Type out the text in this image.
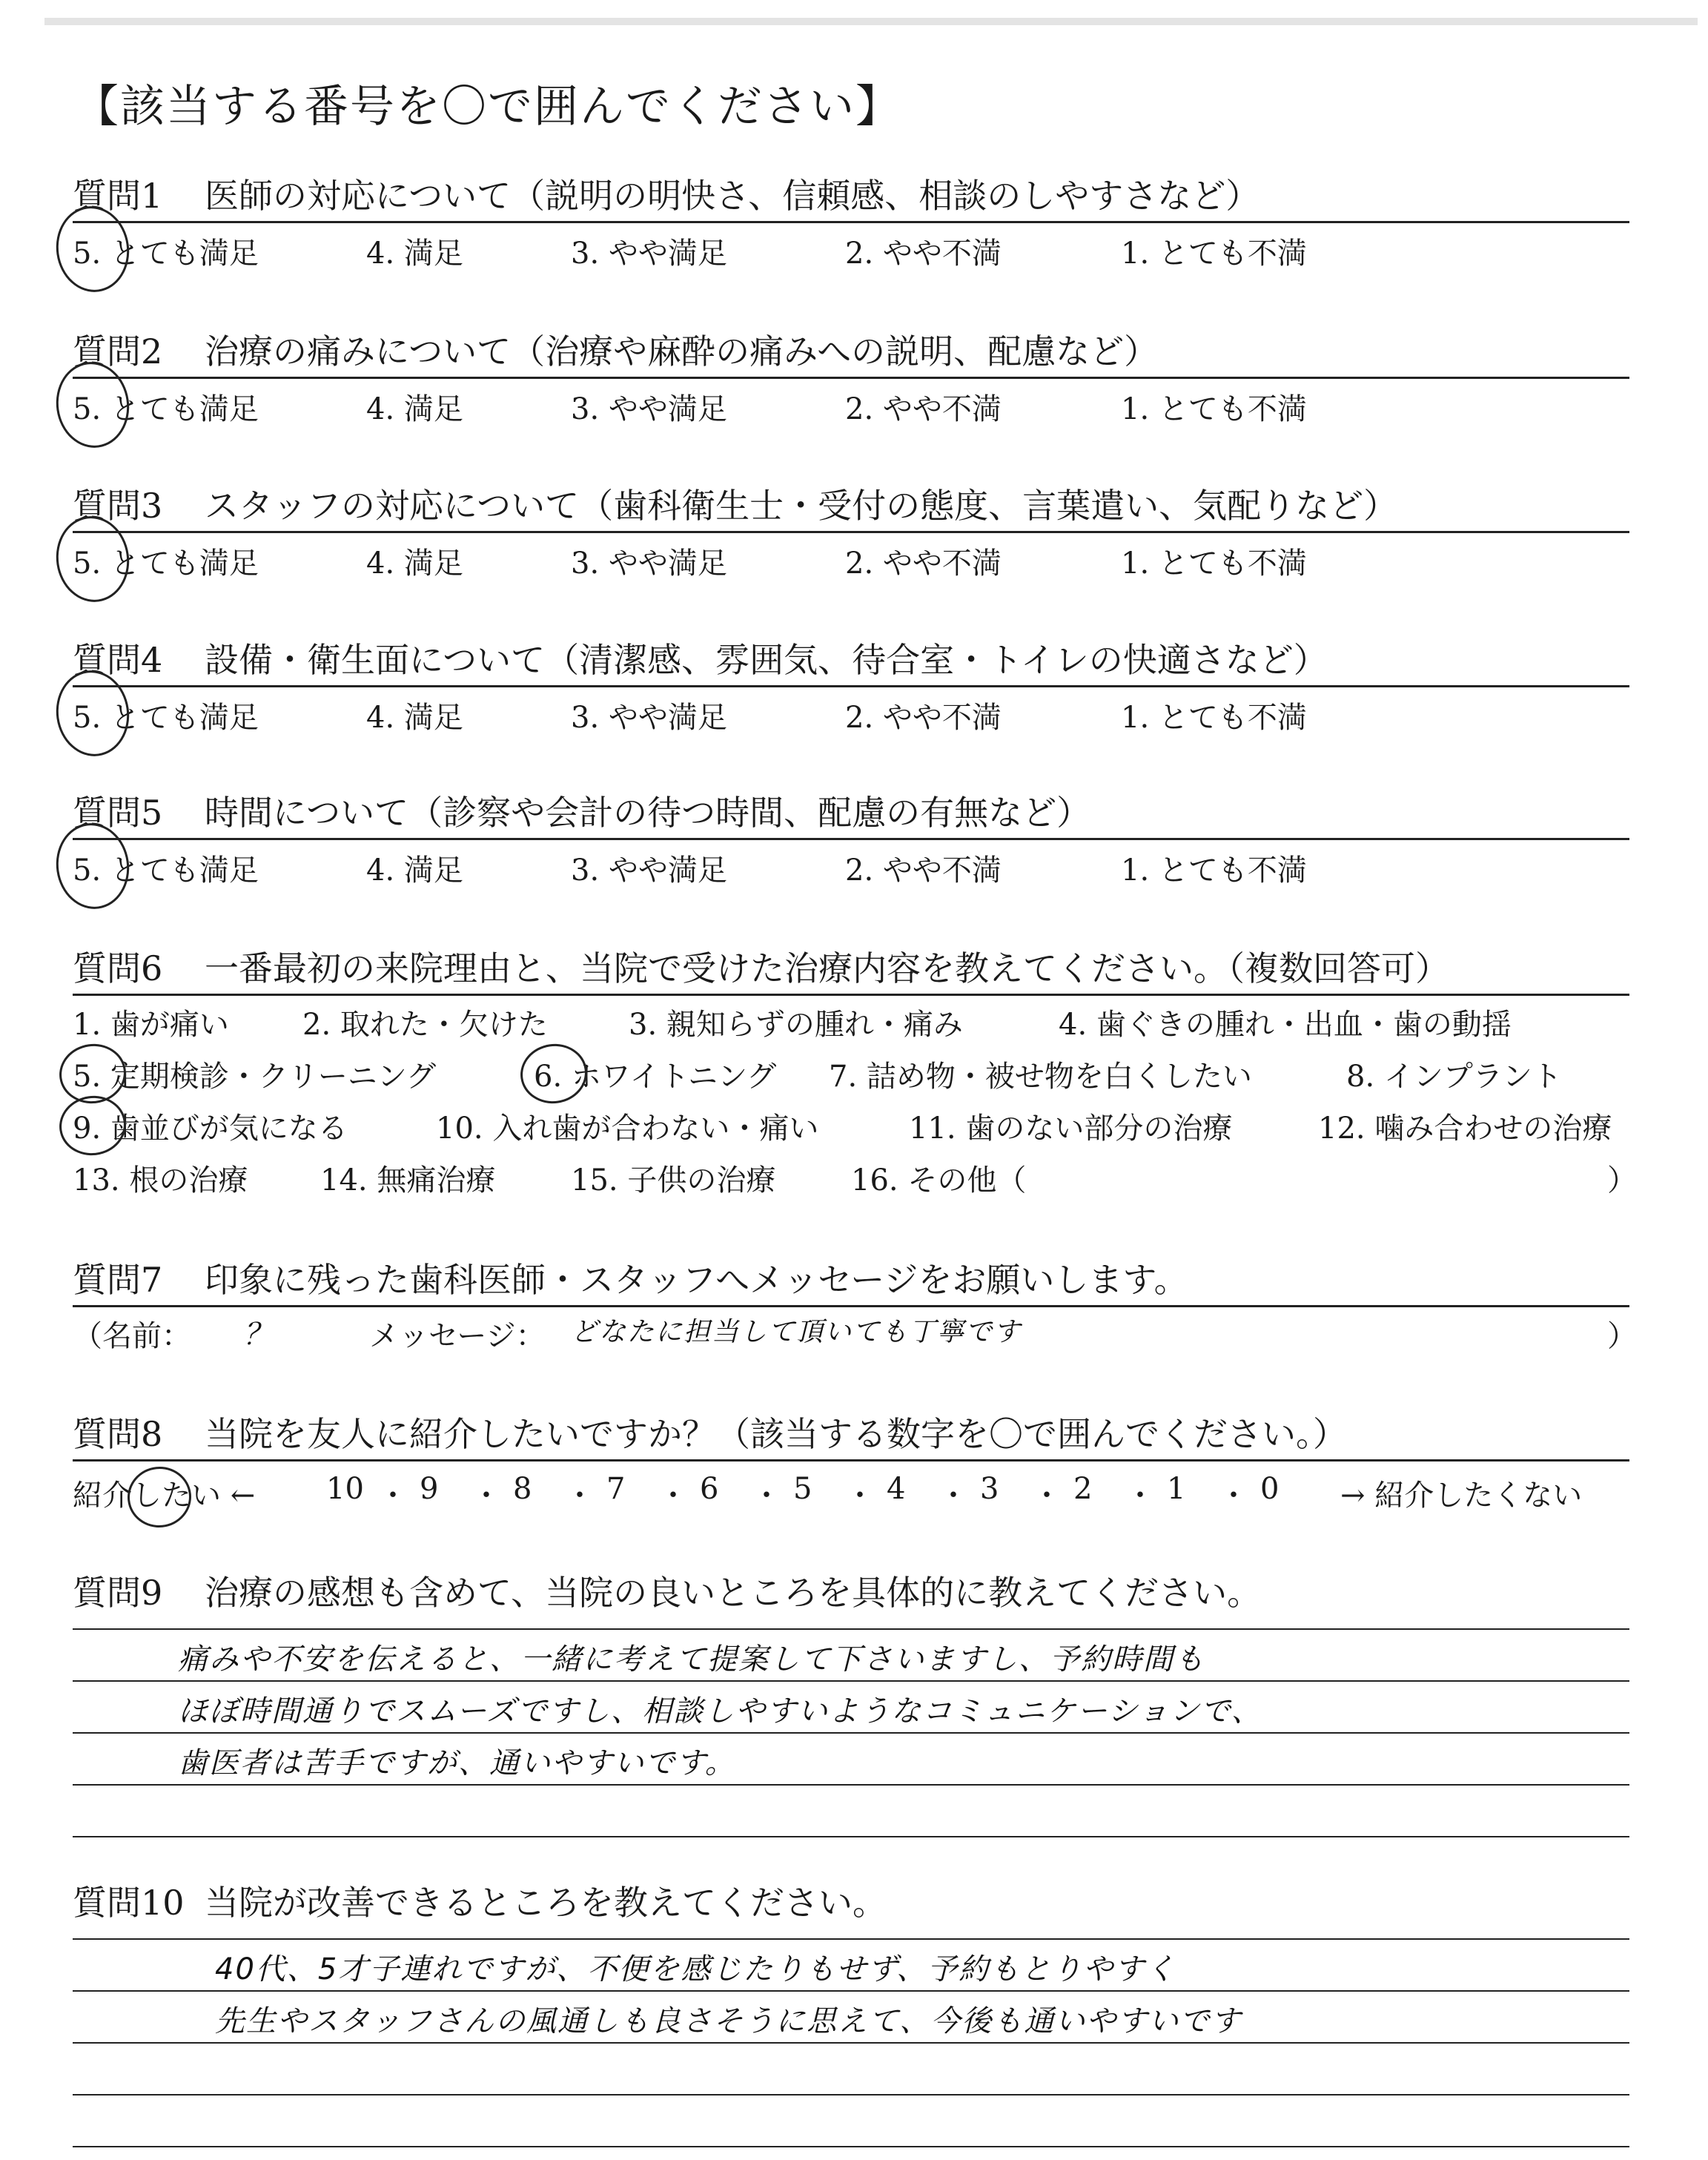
【該当する番号を〇で囲んでください】
質問1 医師の対応について（説明の明快さ、信頼感、相談のしやすさなど）
5. とても満足	4. 満足	3. やや満足	2. やや不満	1. とても不満
質問2 治療の痛みについて（治療や麻酔の痛みへの説明、配慮など）
5. とても満足	4. 満足	3. やや満足	2. やや不満	1. とても不満
質問3 スタッフの対応について（歯科衛生士・受付の態度、言葉遣い、気配りなど）
5. とても満足	4. 満足	3. やや満足	2. やや不満	1. とても不満
質問4 設備・衛生面について（清潔感、雰囲気、待合室・トイレの快適さなど）
5. とても満足	4. 満足	3. やや満足	2. やや不満	1. とても不満
質問5 時間について（診察や会計の待つ時間、配慮の有無など）
5. とても満足	4. 満足	3. やや満足	2. やや不満	1. とても不満
質問6 一番最初の来院理由と、当院で受けた治療内容を教えてください。（複数回答可）
1. 歯が痛い 2. 取れた・欠けた	3. 親知らずの腫れ・痛み	4. 歯ぐきの腫れ・出血・歯の動揺
5. 定期検診・クリーニング	6. ホワイトニング 7. 詰め物・被せ物を白くしたい	8. インプラント
9. 歯並びが気になる	10. 入れ歯が合わない・痛い	11. 歯のない部分の治療	12. 噛み合わせの治療
13. 根の治療 14. 無痛治療	15. 子供の治療	16. その他（	）
質問7 印象に残った歯科医師・スタッフへメッセージをお願いします。
（名前： ？	メッセージ： どなたに担当して頂いても丁寧です	）
質問8 当院を友人に紹介したいですか？（該当する数字を〇で囲んでください。）
紹介したい ← 10 ・ 9 ・ 8 ・ 7 ・ 6 ・ 5 ・ 4 ・ 3 ・ 2 ・ 1 ・ 0 → 紹介したくない
質問9 治療の感想も含めて、当院の良いところを具体的に教えてください。
痛みや不安を伝えると、一緒に考えて提案して下さいますし、予約時間も
ほぼ時間通りでスムーズですし、相談しやすいようなコミュニケーションで、
歯医者は苦手ですが、通いやすいです。
質問10 当院が改善できるところを教えてください。
40代、5才子連れですが、不便を感じたりもせず、予約もとりやすく
先生やスタッフさんの風通しも良さそうに思えて、今後も通いやすいです
